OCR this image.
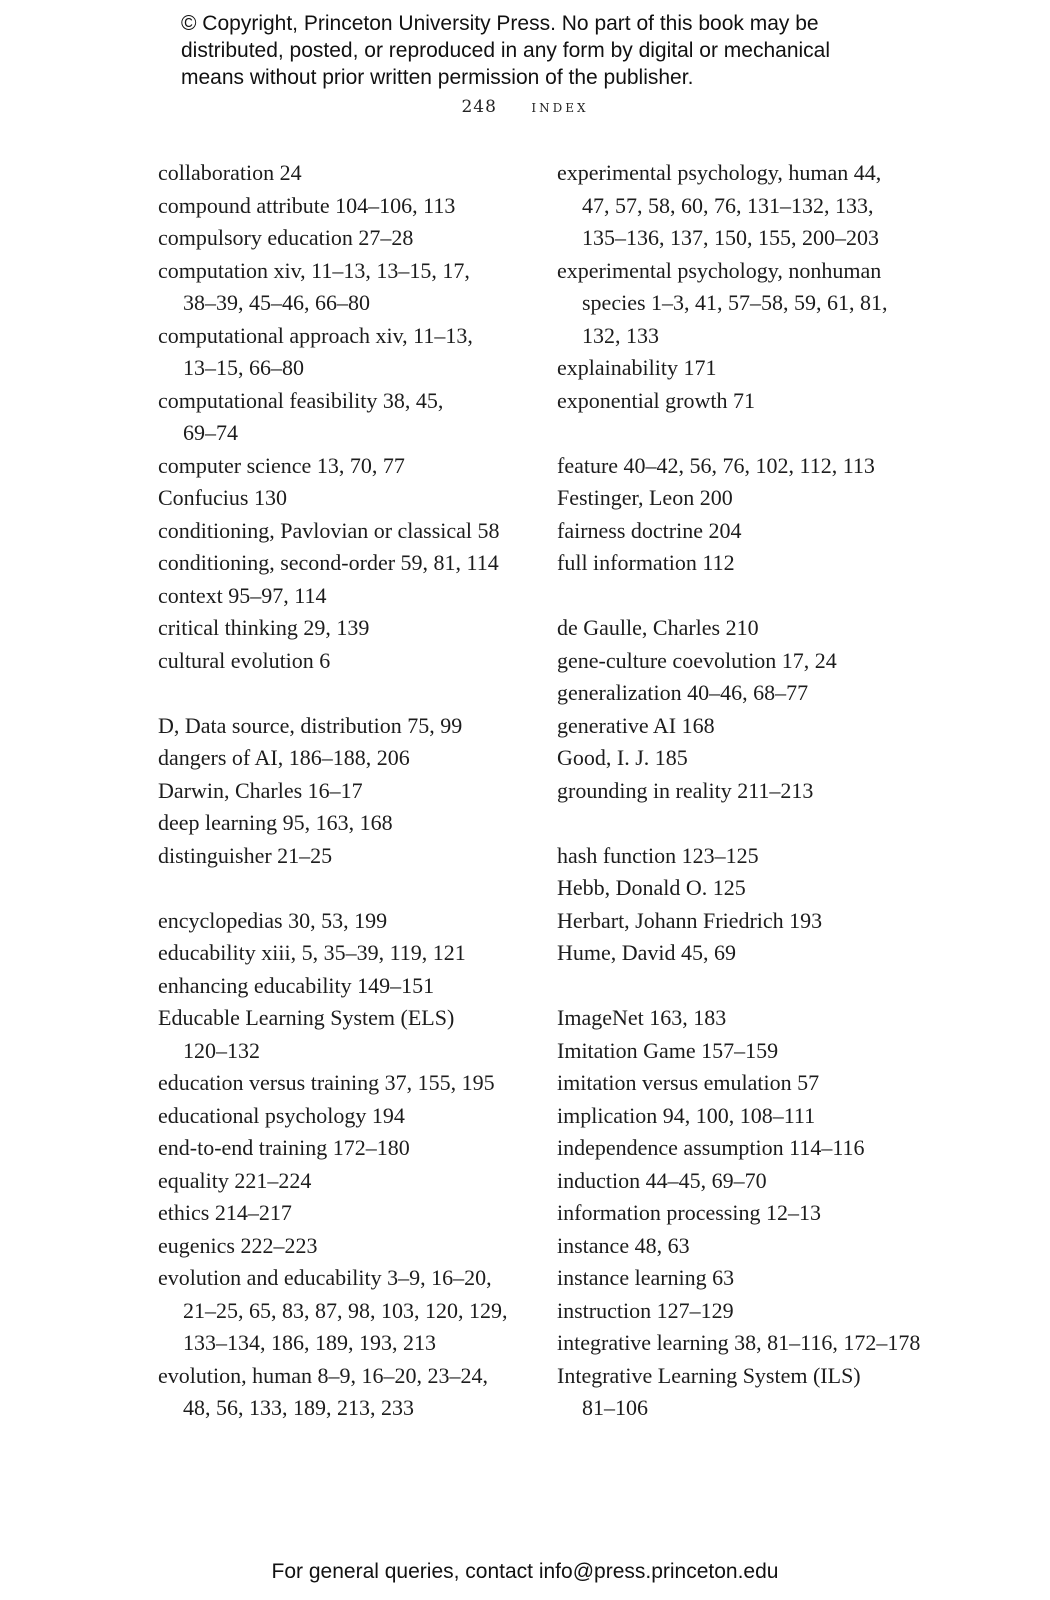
© Copyright, Princeton University Press. No part of this book may be
distributed, posted, or reproduced in any form by digital or mechanical
means without prior written permission of the publisher.
248 index
collaboration 24
compound attribute 104–106, 113
compulsory education 27–28
computation xiv, 11–13, 13–15, 17,
38–39, 45–46, 66–80
computational approach xiv, 11–13,
13–15, 66–80
computational feasibility 38, 45,
69–74
computer science 13, 70, 77
Confucius 130
conditioning, Pavlovian or classical 58
conditioning, second-order 59, 81, 114
context 95–97, 114
critical thinking 29, 139
cultural evolution 6
D, Data source, distribution 75, 99
dangers of AI, 186–188, 206
Darwin, Charles 16–17
deep learning 95, 163, 168
distinguisher 21–25
encyclopedias 30, 53, 199
educability xiii, 5, 35–39, 119, 121
enhancing educability 149–151
Educable Learning System (ELS)
120–132
education versus training 37, 155, 195
educational psychology 194
end-to-end training 172–180
equality 221–224
ethics 214–217
eugenics 222–223
evolution and educability 3–9, 16–20,
21–25, 65, 83, 87, 98, 103, 120, 129,
133–134, 186, 189, 193, 213
evolution, human 8–9, 16–20, 23–24,
48, 56, 133, 189, 213, 233
experimental psychology, human 44,
47, 57, 58, 60, 76, 131–132, 133,
135–136, 137, 150, 155, 200–203
experimental psychology, nonhuman
species 1–3, 41, 57–58, 59, 61, 81,
132, 133
explainability 171
exponential growth 71
feature 40–42, 56, 76, 102, 112, 113
Festinger, Leon 200
fairness doctrine 204
full information 112
de Gaulle, Charles 210
gene-culture coevolution 17, 24
generalization 40–46, 68–77
generative AI 168
Good, I. J. 185
grounding in reality 211–213
hash function 123–125
Hebb, Donald O. 125
Herbart, Johann Friedrich 193
Hume, David 45, 69
ImageNet 163, 183
Imitation Game 157–159
imitation versus emulation 57
implication 94, 100, 108–111
independence assumption 114–116
induction 44–45, 69–70
information processing 12–13
instance 48, 63
instance learning 63
instruction 127–129
integrative learning 38, 81–116, 172–178
Integrative Learning System (ILS)
81–106
For general queries, contact info@press.princeton.edu
